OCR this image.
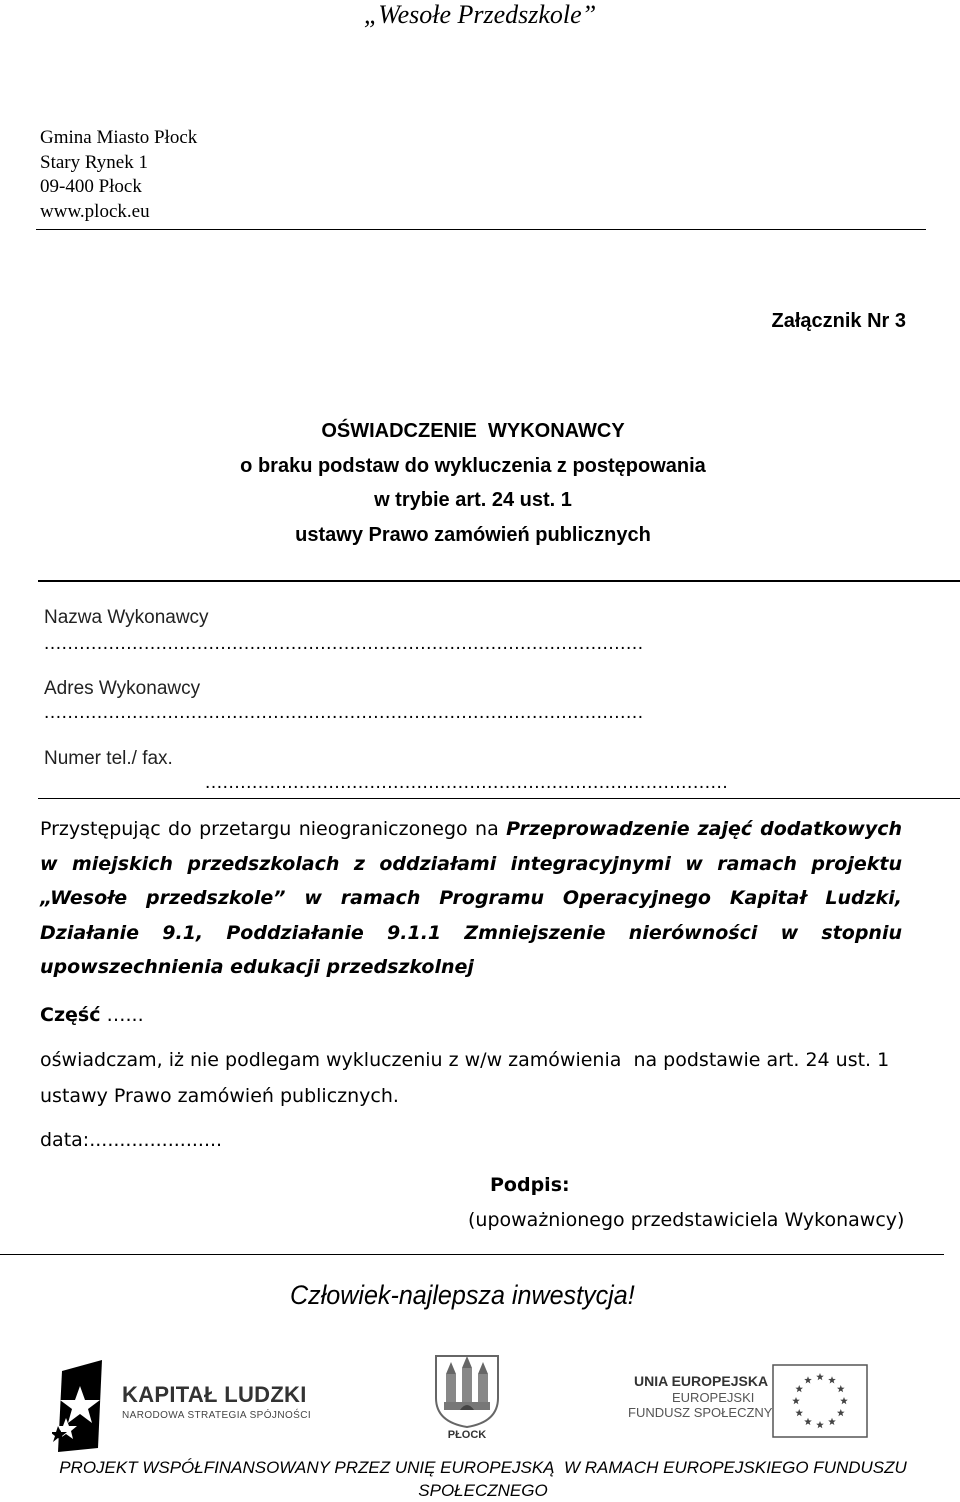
„Wesołe Przedszkole”
Gmina Miasto Płock
Stary Rynek 1
09-400 Płock
www.plock.eu
Załącznik Nr 3
OŚWIADCZENIE  WYKONAWCY
o braku podstaw do wykluczenia z postępowania
w trybie art. 24 ust. 1
ustawy Prawo zamówień publicznych
Nazwa Wykonawcy
......................................................................................................
Adres Wykonawcy
......................................................................................................
Numer tel./ fax.
.........................................................................................
Przystępując do przetargu nieograniczonego na Przeprowadzenie zajęć dodatkowych w miejskich przedszkolach z oddziałami integracyjnymi w ramach projektu „Wesołe przedszkole” w ramach Programu Operacyjnego Kapitał Ludzki, Działanie 9.1, Poddziałanie 9.1.1 Zmniejszenie nierówności w stopniu upowszechnienia edukacji przedszkolnej
Część …...
oświadczam, iż nie podlegam wykluczeniu z w/w zamówienia  na podstawie art. 24 ust. 1 ustawy Prawo zamówień publicznych.
data:......................
Podpis:
(upoważnionego przedstawiciela Wykonawcy)
Człowiek-najlepsza inwestycja!
KAPITAŁ LUDZKI
NARODOWA STRATEGIA SPÓJNOŚCI
PŁOCK
UNIA EUROPEJSKA
EUROPEJSKI
FUNDUSZ SPOŁECZNY
PROJEKT WSPÓŁFINANSOWANY PRZEZ UNIĘ EUROPEJSKĄ  W RAMACH EUROPEJSKIEGO FUNDUSZU
SPOŁECZNEGO
